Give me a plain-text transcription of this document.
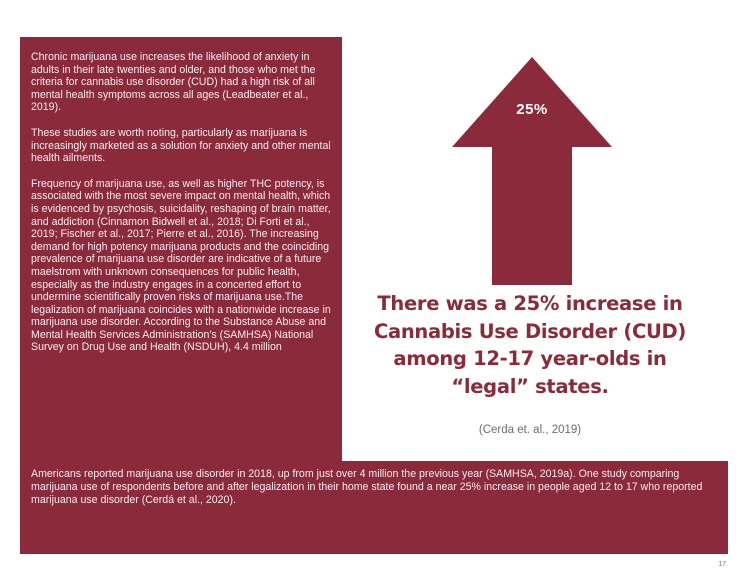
Chronic marijuana use increases the likelihood of anxiety in adults in their late twenties and older, and those who met the criteria for cannabis use disorder (CUD) had a high risk of all mental health symptoms across all ages (Leadbeater et al., 2019).

These studies are worth noting, particularly as marijuana is increasingly marketed as a solution for anxiety and other mental health ailments.

Frequency of marijuana use, as well as higher THC potency, is associated with the most severe impact on mental health, which is evidenced by psychosis, suicidality, reshaping of brain matter, and addiction (Cinnamon Bidwell et al., 2018; Di Forti et al., 2019; Fischer et al., 2017; Pierre et al., 2016). The increasing demand for high potency marijuana products and the coinciding prevalence of marijuana use disorder are indicative of a future maelstrom with unknown consequences for public health, especially as the industry engages in a concerted effort to undermine scientifically proven risks of marijuana use.The legalization of marijuana coincides with a nationwide increase in marijuana use disorder. According to the Substance Abuse and Mental Health Services Administration's (SAMHSA) National Survey on Drug Use and Health (NSDUH), 4.4 million

25%
There was a 25% increase in Cannabis Use Disorder (CUD) among 12-17 year-olds in “legal” states.
(Cerda et. al., 2019)

Americans reported marijuana use disorder in 2018, up from just over 4 million the previous year (SAMHSA, 2019a). One study comparing marijuana use of respondents before and after legalization in their home state found a near 25% increase in people aged 12 to 17 who reported marijuana use disorder (Cerdá et al., 2020).

17
